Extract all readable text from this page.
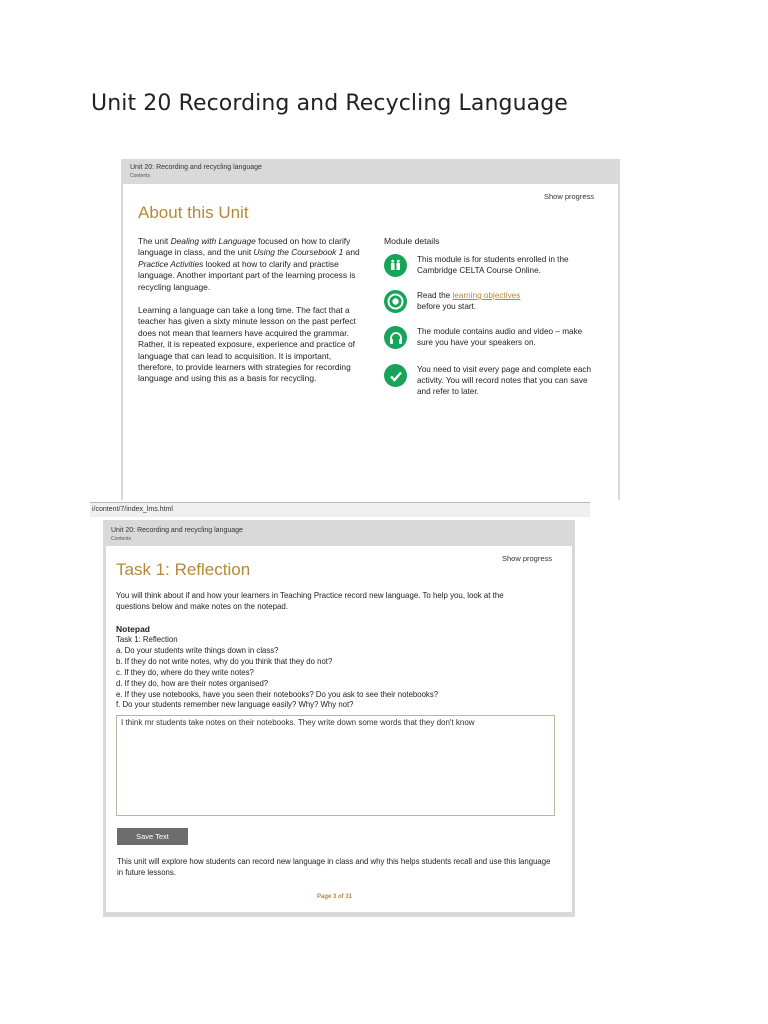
Unit 20 Recording and Recycling Language
Unit 20: Recording and recycling language
Contents
Show progress
About this Unit

The unit Dealing with Language focused on how to clarify language in class, and the unit Using the Coursebook 1 and Practice Activities looked at how to clarify and practise language. Another important part of the learning process is recycling language.

Learning a language can take a long time. The fact that a teacher has given a sixty minute lesson on the past perfect does not mean that learners have acquired the grammar. Rather, it is repeated exposure, experience and practice of language that can lead to acquisition. It is important, therefore, to provide learners with strategies for recording language and using this as a basis for recycling.

Module details
This module is for students enrolled in the Cambridge CELTA Course Online.
Read the learning objectives
before you start.
The module contains audio and video – make sure you have your speakers on.
You need to visit every page and complete each activity. You will record notes that you can save and refer to later.
i/content/7/index_lms.html
Unit 20: Recording and recycling language
Contents
Show progress
Task 1: Reflection

You will think about if and how your learners in Teaching Practice record new language. To help you, look at the questions below and make notes on the notepad.

Notepad
Task 1: Reflection
a. Do your students write things down in class?
b. If they do not write notes, why do you think that they do not?
c. If they do, where do they write notes?
d. If they do, how are their notes organised?
e. If they use notebooks, have you seen their notebooks? Do you ask to see their notebooks?
f. Do your students remember new language easily? Why? Why not?
I think mr students take notes on their notebooks. They write down some words that they don't know
Save Text

This unit will explore how students can record new language in class and why this helps students recall and use this language in future lessons.

Page 3 of 31
